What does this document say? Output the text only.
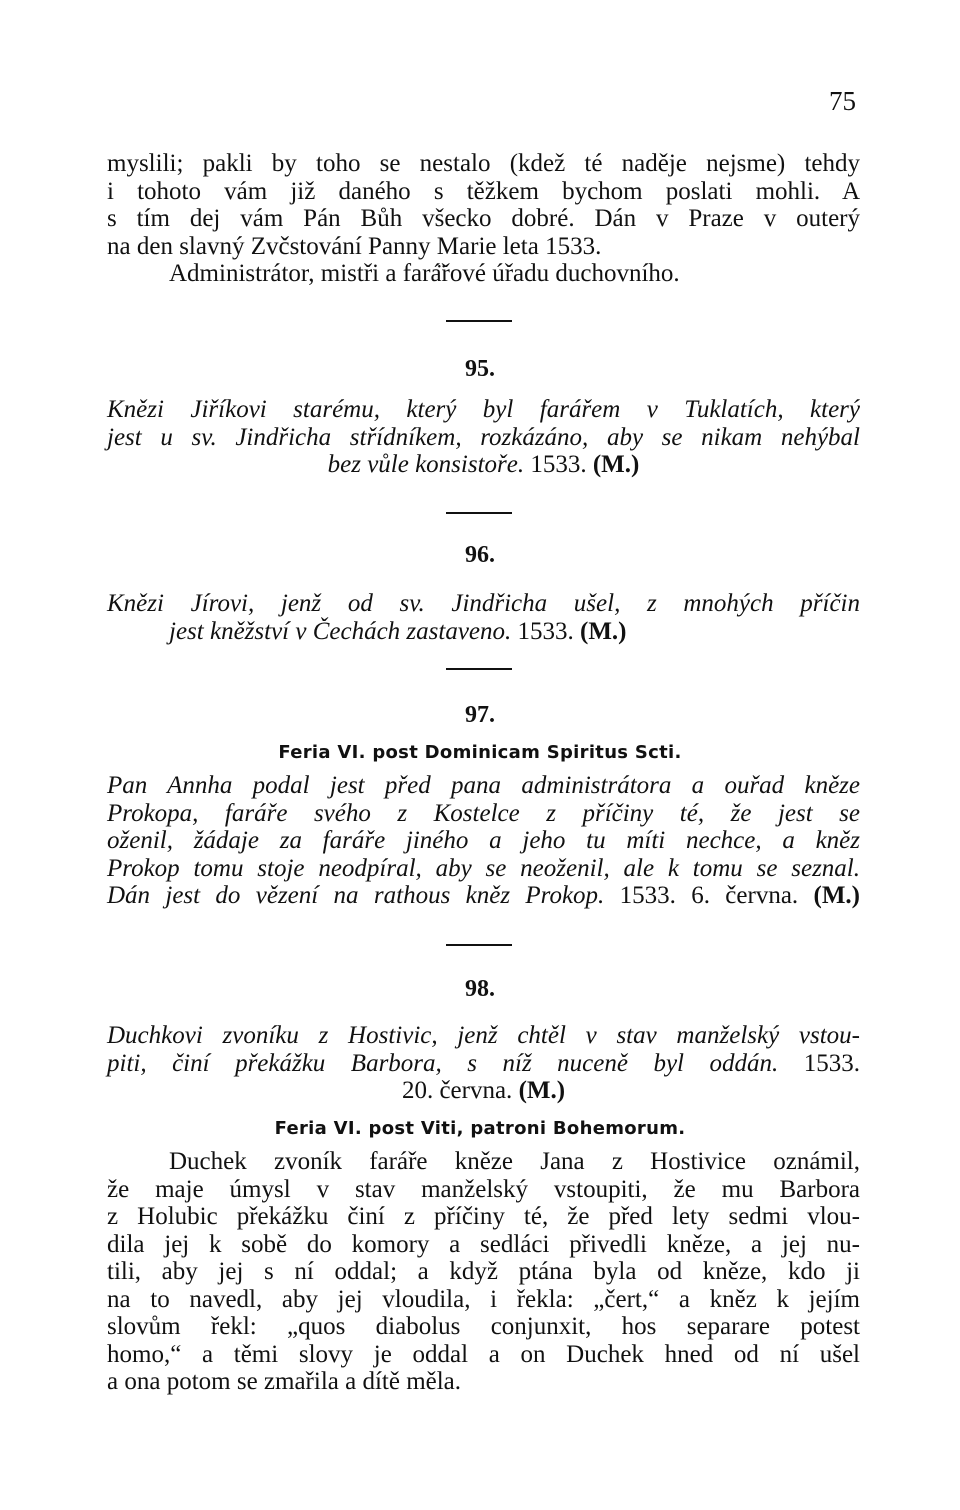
75
myslili; pakli by toho se nestalo (kdež té naděje nejsme) tehdy
i tohoto vám již daného s těžkem bychom poslati mohli. A
s tím dej vám Pán Bůh všecko dobré. Dán v Praze v outerý
na den slavný Zvčstování Panny Marie leta 1533.
Administrátor, mistři a fará̈řové úřadu duchovního.
95.
Knězi Jiříkovi starému, který byl farářem v Tuklatích, který
jest u sv. Jindřicha střídníkem, rozkázáno, aby se nikam nehýbal
bez vůle konsistoře. 1533. (M.)
96.
Knězi Jírovi, jenž od sv. Jindřicha ušel, z mnohých příčin
jest kněžství v Čechách zastaveno. 1533. (M.)
97.
Feria VI. post Dominicam Spiritus Scti.
Pan Annha podal jest před pana administrátora a ouřad kněze
Prokopa, faráře svého z Kostelce z příčiny té, že jest se
oženil, žádaje za faráře jiného a jeho tu míti nechce, a kněz
Prokop tomu stoje neodpíral, aby se neoženil, ale k tomu se seznal.
Dán jest do vězení na rathous kněz Prokop. 1533. 6. června. (M.)
98.
Duchkovi zvoníku z Hostivic, jenž chtěl v stav manželský vstou-
piti, činí překážku Barbora, s níž nuceně byl oddán. 1533.
20. června. (M.)
Feria VI. post Viti, patroni Bohemorum.
Duchek zvoník faráře kněze Jana z Hostivice oznámil,
že maje úmysl v stav manželský vstoupiti, že mu Barbora
z Holubic překážku činí z příčiny té, že před lety sedmi vlou-
dila jej k sobě do komory a sedláci přivedli kněze, a jej nu-
tili, aby jej s ní oddal; a když ptána byla od kněze, kdo ji
na to navedl, aby jej vloudila, i řekla: „čert,“ a kněz k jejím
slovům řekl: „quos diabolus conjunxit, hos separare potest
homo,“ a těmi slovy je oddal a on Duchek hned od ní ušel
a ona potom se zmařila a dítě měla.
